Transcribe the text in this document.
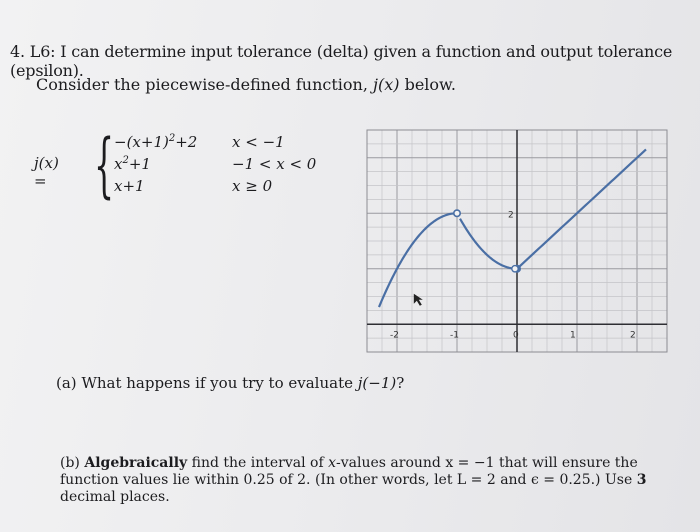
4. L6: I can determine input tolerance (delta) given a function and output tolerance (epsilon).
Consider the piecewise-defined function, j(x) below.
j(x) = { $-(x+1)^2+2$ x < −1
$x^2+1$	−1 < x < 0
x+1	x ≥ 0
-2	-1	0	1	2
2
(a) What happens if you try to evaluate j(−1)?
(b) Algebraically find the interval of x-values around x = −1 that will ensure the function values lie within 0.25 of 2. (In other words, let L = 2 and ϵ = 0.25.) Use 3 decimal places.
